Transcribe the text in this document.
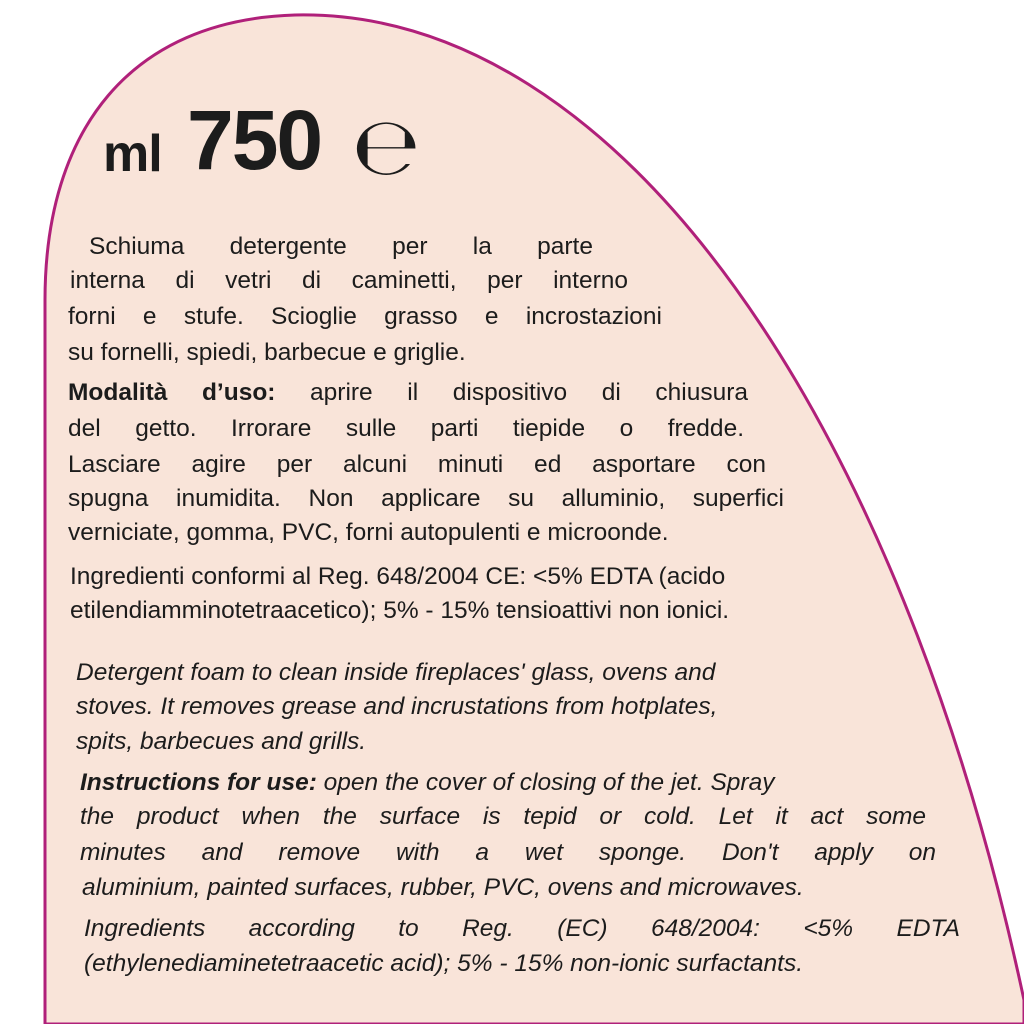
ml 750 ℮
Schiuma detergente per la parte
interna di vetri di caminetti, per interno
forni e stufe. Scioglie grasso e incrostazioni
su fornelli, spiedi, barbecue e griglie.
Modalità d’uso: aprire il dispositivo di chiusura
del getto. Irrorare sulle parti tiepide o fredde.
Lasciare agire per alcuni minuti ed asportare con
spugna inumidita. Non applicare su alluminio, superfici
verniciate, gomma, PVC, forni autopulenti e microonde.
Ingredienti conformi al Reg. 648/2004 CE: <5% EDTA (acido
etilendiamminotetraacetico); 5% - 15% tensioattivi non ionici.
Detergent foam to clean inside fireplaces' glass, ovens and
stoves. It removes grease and incrustations from hotplates,
spits, barbecues and grills.
Instructions for use: open the cover of closing of the jet. Spray
the product when the surface is tepid or cold. Let it act some
minutes and remove with a wet sponge. Don't apply on
aluminium, painted surfaces, rubber, PVC, ovens and microwaves.
Ingredients according to Reg. (EC) 648/2004: <5% EDTA
(ethylenediaminetetraacetic acid); 5% - 15% non-ionic surfactants.
